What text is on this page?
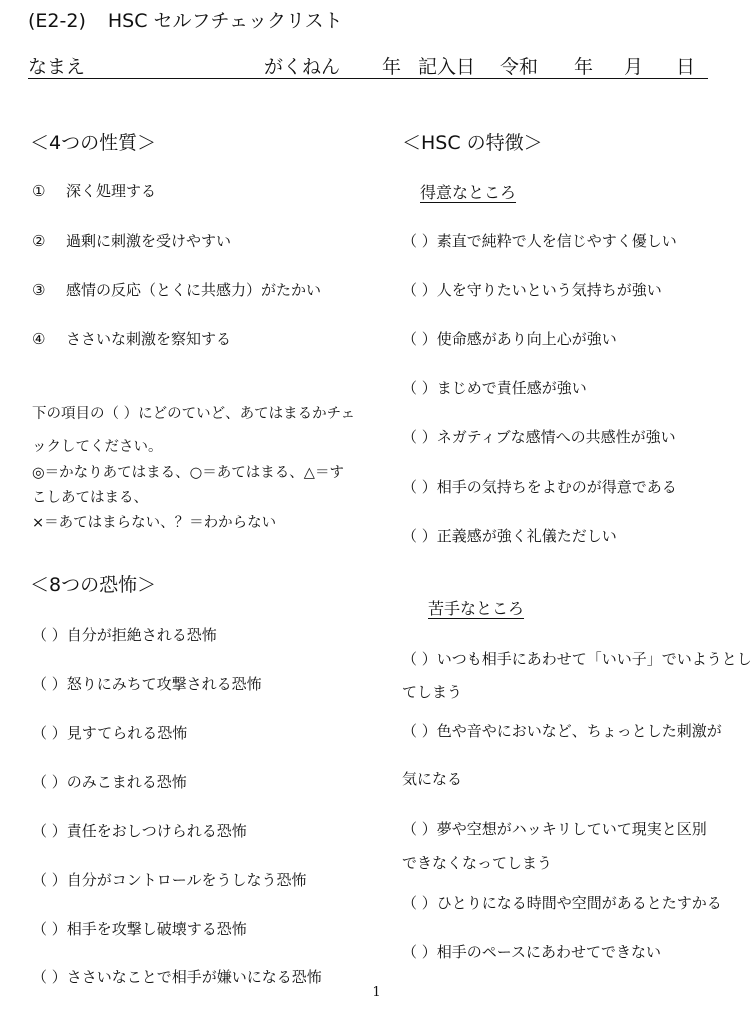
(E2-2) HSC セルフチェックリスト
なまえ	がくねん 年 記入日 令和 年 月 日
＜4つの性質＞
① 深く処理する
② 過剰に刺激を受けやすい
③ 感情の反応（とくに共感力）がたかい
④ ささいな刺激を察知する
下の項目の（ ）にどのていど、あてはまるかチェ
ックしてください。
◎＝かなりあてはまる、○＝あてはまる、△＝す
こしあてはまる、
×＝あてはまらない、？＝わからない
＜8つの恐怖＞
（ ）自分が拒絶される恐怖
（ ）怒りにみちて攻撃される恐怖
（ ）見すてられる恐怖
（ ）のみこまれる恐怖
（ ）責任をおしつけられる恐怖
（ ）自分がコントロールをうしなう恐怖
（ ）相手を攻撃し破壊する恐怖
（ ）ささいなことで相手が嫌いになる恐怖
＜HSC の特徴＞
得意なところ
（ ）素直で純粋で人を信じやすく優しい
（ ）人を守りたいという気持ちが強い
（ ）使命感があり向上心が強い
（ ）まじめで責任感が強い
（ ）ネガティブな感情への共感性が強い
（ ）相手の気持ちをよむのが得意である
（ ）正義感が強く礼儀ただしい
苦手なところ
（ ）いつも相手にあわせて「いい子」でいようとし
てしまう
（ ）色や音やにおいなど、ちょっとした刺激が
気になる
（ ）夢や空想がハッキリしていて現実と区別
できなくなってしまう
（ ）ひとりになる時間や空間があるとたすかる
（ ）相手のペースにあわせてできない
1
